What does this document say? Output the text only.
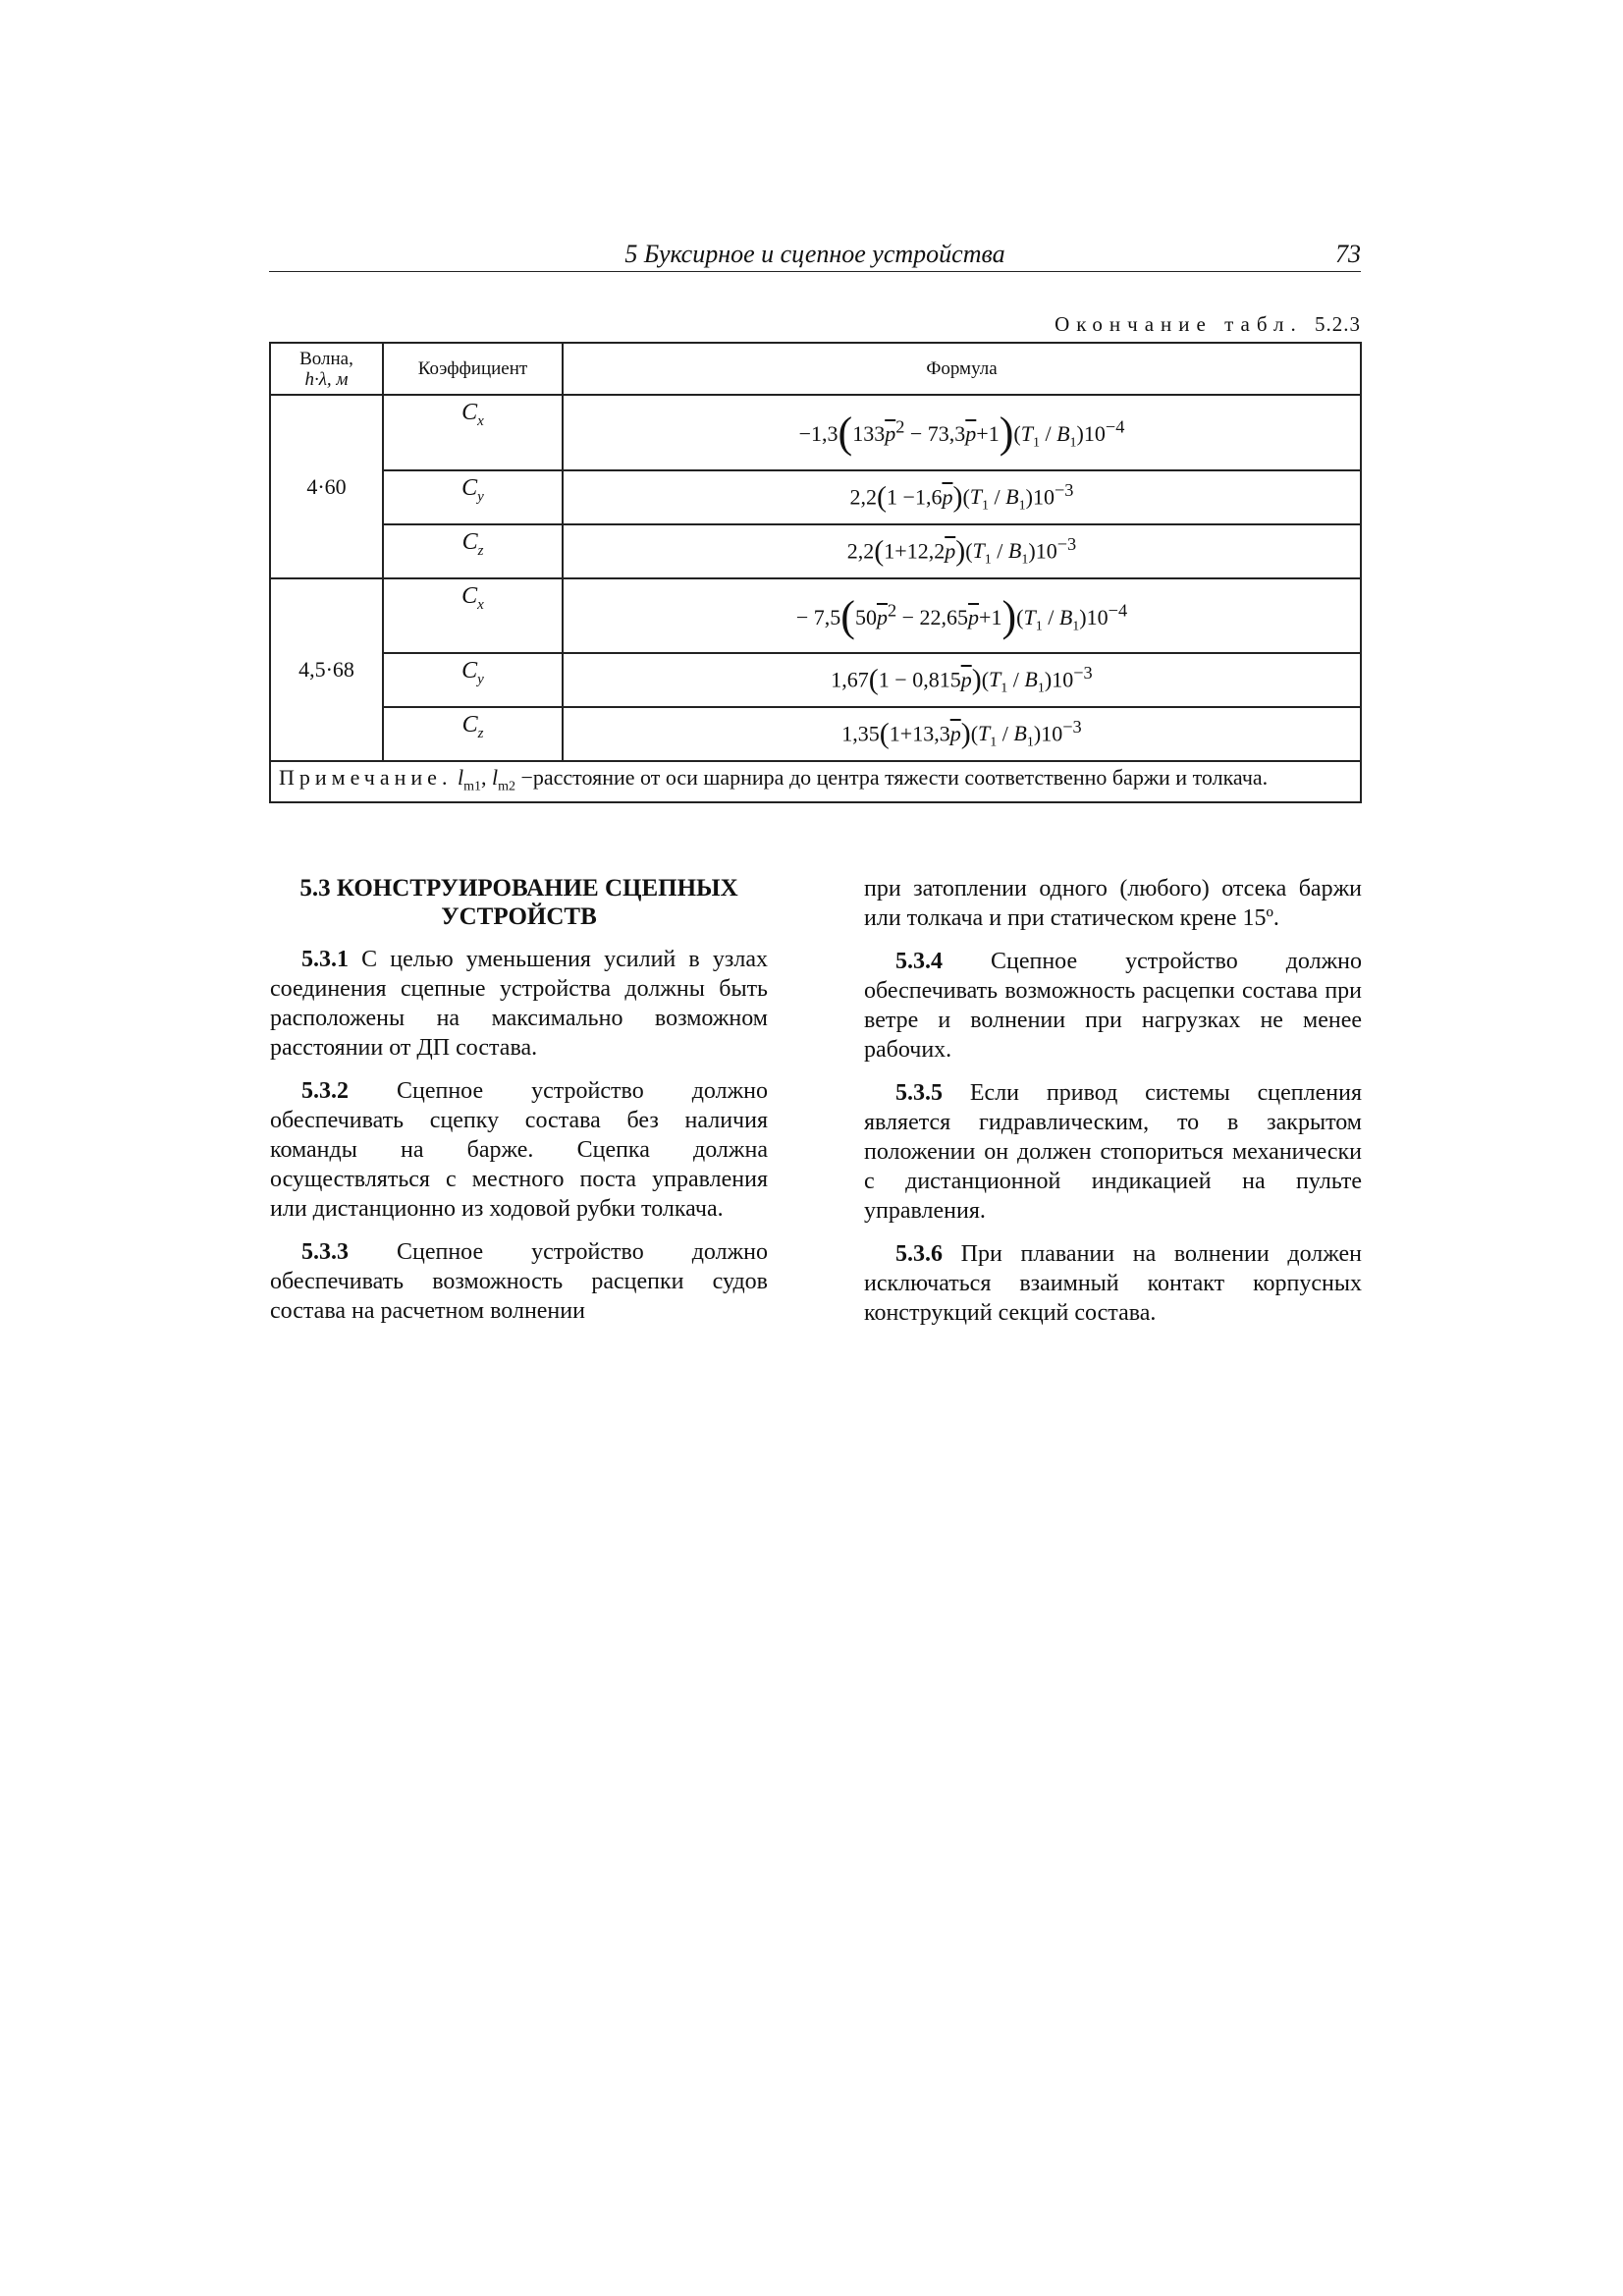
5 Буксирное и сцепное устройства	73
Окончание табл. 5.2.3
Волна,
h·λ, м	Коэффициент	Формула
4·60	$C_x$	$-1,3(133\overline{p}^2 - 73,3\overline{p}+1)(T_1 / B_1)10^{-4}$
	$C_y$	$2,2(1 -1,6\overline{p})(T_1 / B_1)10^{-3}$
	$C_z$	$2,2(1+12,2\overline{p})(T_1 / B_1)10^{-3}$
4,5·68	$C_x$	− $7,5(50\overline{p}^2 - 22,65\overline{p}+1)(T_1 / B_1)10^{-4}$
	$C_y$	$1,67(1 - 0,815\overline{p})(T_1 / B_1)10^{-3}$
	$C_z$	$1,35(1+13,3\overline{p})(T_1 / B_1)10^{-3}$
Примечание. $l_{m1}$, $l_{m2}$ −расстояние от оси шарнира до центра тяжести соответственно баржи и толкача.		
5.3 КОНСТРУИРОВАНИЕ СЦЕПНЫХ УСТРОЙСТВ

5.3.1 С целью уменьшения усилий в узлах соединения сцепные устройства должны быть расположены на максимально возможном расстоянии от ДП состава.

5.3.2 Сцепное устройство должно обеспечивать сцепку состава без наличия команды на барже. Сцепка должна осуществляться с местного поста управления или дистанционно из ходовой рубки толкача.

5.3.3 Сцепное устройство должно обеспечивать возможность расцепки судов состава на расчетном волнении

при затоплении одного (любого) отсека баржи или толкача и при статическом крене 15º.

5.3.4 Сцепное устройство должно обеспечивать возможность расцепки состава при ветре и волнении при нагрузках не менее рабочих.

5.3.5 Если привод системы сцепления является гидравлическим, то в закрытом положении он должен стопориться механически с дистанционной индикацией на пульте управления.

5.3.6 При плавании на волнении должен исключаться взаимный контакт корпусных конструкций секций состава.
